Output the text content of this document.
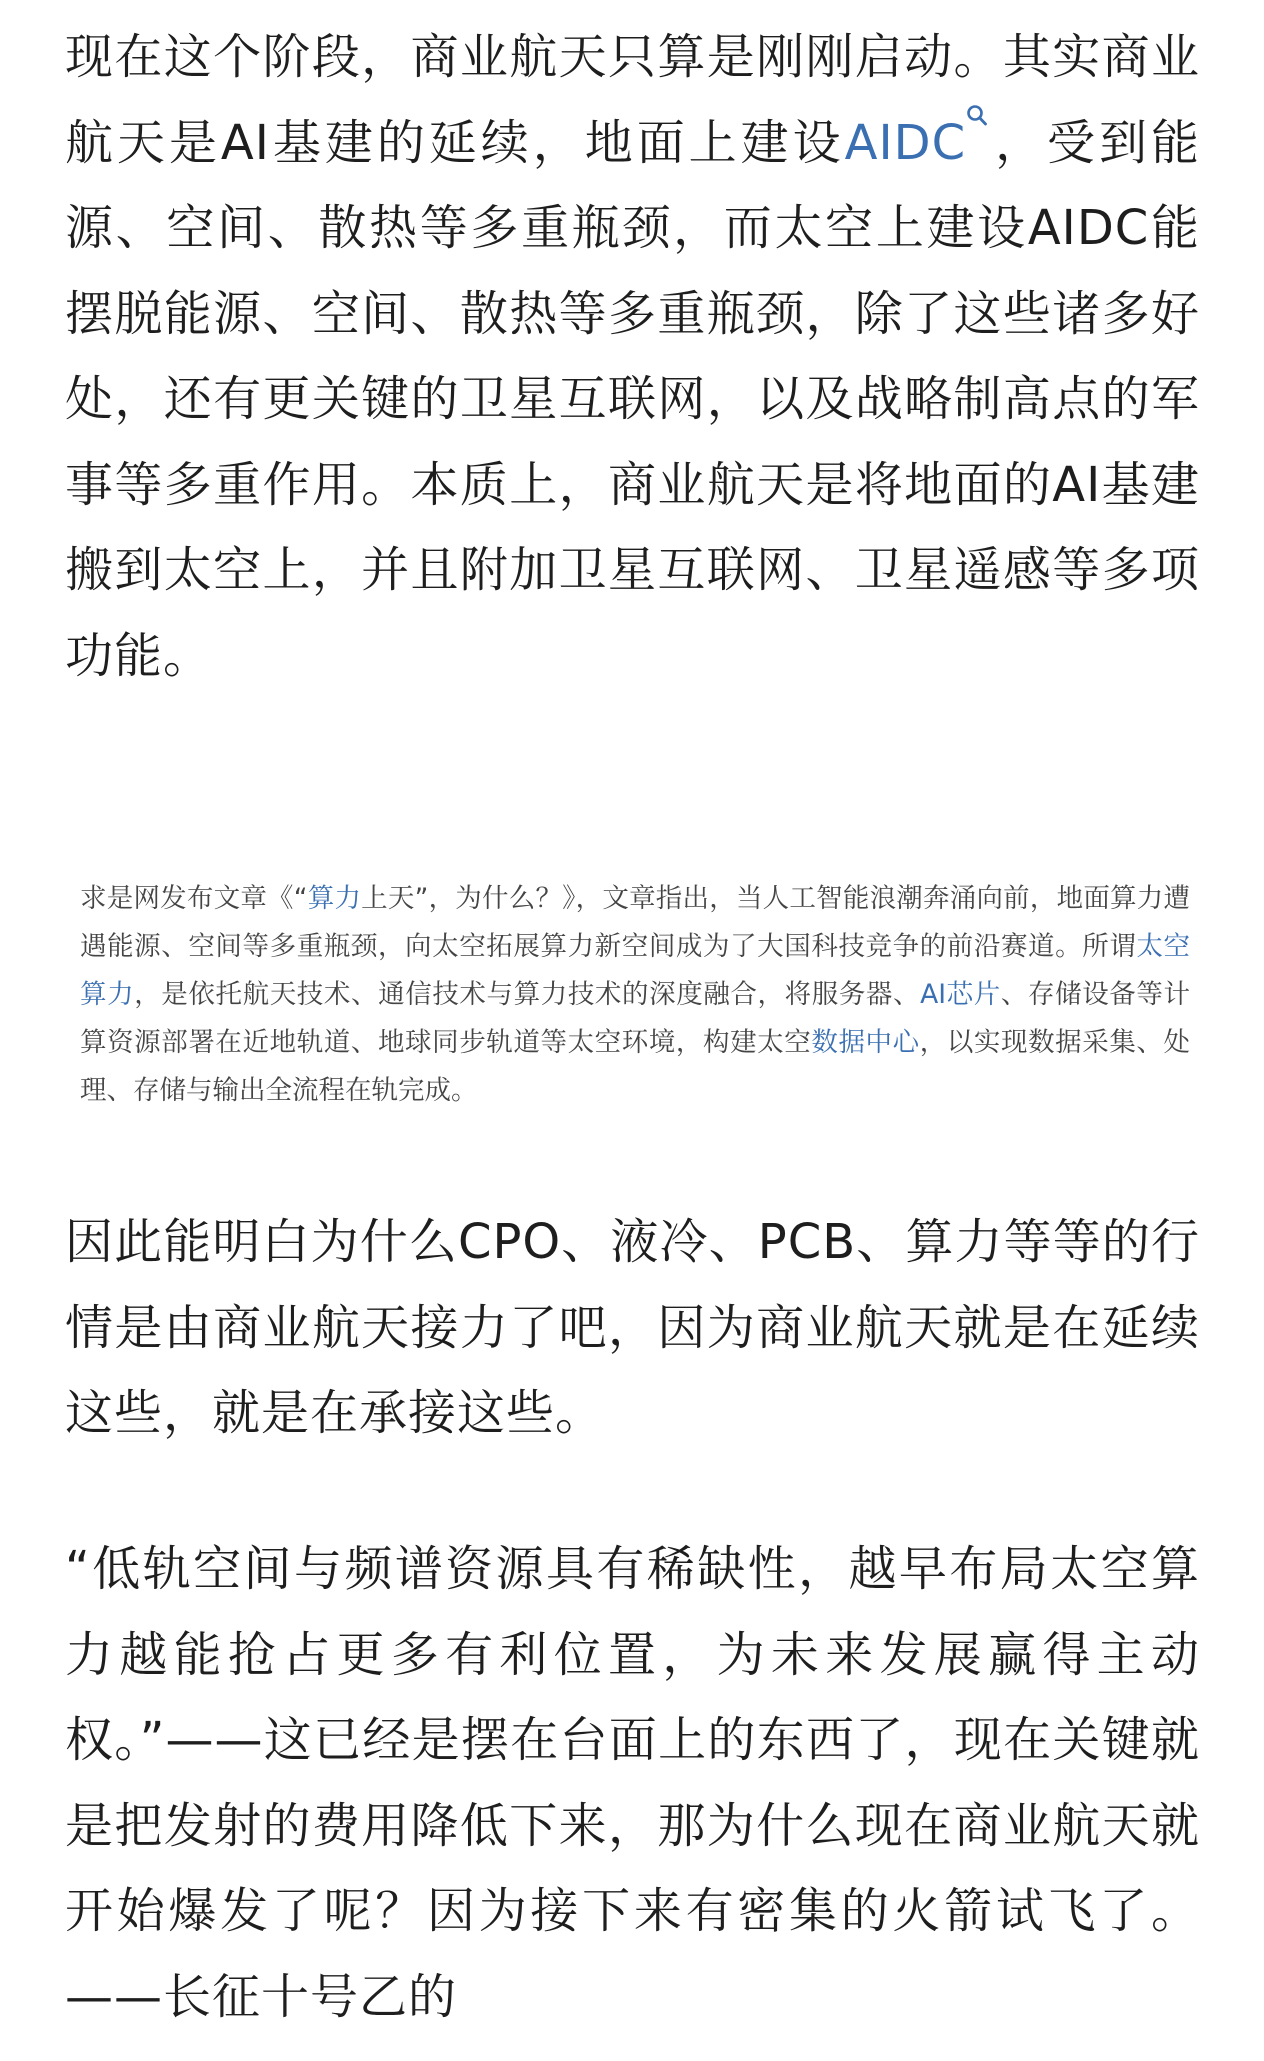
现在这个阶段，商业航天只算是刚刚启动。其实商业航天是AI基建的延续，地面上建设AIDC ，受到能源、空间、散热等多重瓶颈，而太空上建设AIDC能摆脱能源、空间、散热等多重瓶颈，除了这些诸多好处，还有更关键的卫星互联网，以及战略制高点的军事等多重作用。本质上，商业航天是将地面的AI基建搬到太空上，并且附加卫星互联网、卫星遥感等多项功能。

求是网发布文章《“算力上天”，为什么？》，文章指出，当人工智能浪潮奔涌向前，地面算力遭遇能源、空间等多重瓶颈，向太空拓展算力新空间成为了大国科技竞争的前沿赛道。所谓太空算力，是依托航天技术、通信技术与算力技术的深度融合，将服务器、AI芯片、存储设备等计算资源部署在近地轨道、地球同步轨道等太空环境，构建太空数据中心，以实现数据采集、处理、存储与输出全流程在轨完成。

因此能明白为什么CPO、液冷、PCB、算力等等的行情是由商业航天接力了吧，因为商业航天就是在延续这些，就是在承接这些。

“低轨空间与频谱资源具有稀缺性，越早布局太空算力越能抢占更多有利位置，为未来发展赢得主动权。”——这已经是摆在台面上的东西了，现在关键就是把发射的费用降低下来，那为什么现在商业航天就开始爆发了呢？因为接下来有密集的火箭试飞了。——长征十号乙的
